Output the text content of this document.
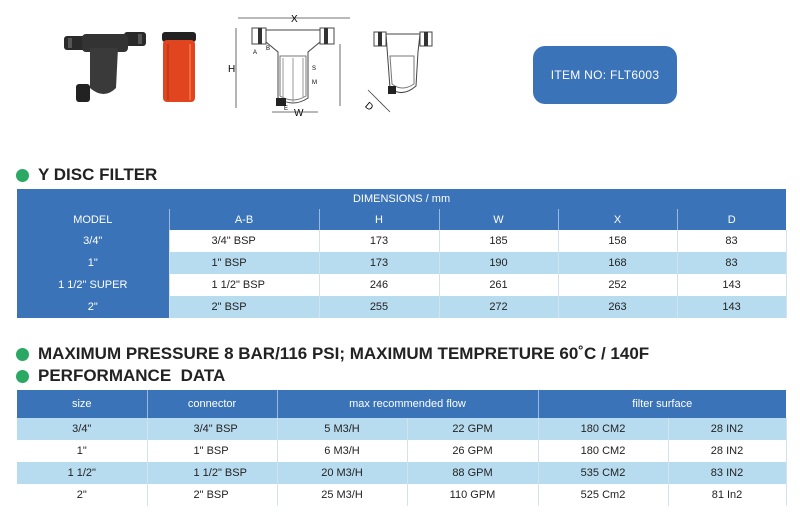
X
H
W
A
B
S
M
E	D
ITEM NO: FLT6003
Y DISC FILTER
DIMENSIONS / mm					
MODEL	A-B	H	W	X	D
3/4"	3/4" BSP	173	185	158	83
1"	1" BSP	173	190	168	83
1 1/2" SUPER	1 1/2" BSP	246	261	252	143
2"	2" BSP	255	272	263	143
MAXIMUM PRESSURE 8 BAR/116 PSI; MAXIMUM TEMPRETURE 60˚C / 140F
PERFORMANCE  DATA
size	connector	max recommended flow		filter surface	
3/4"	3/4" BSP	5 M3/H	22 GPM	180 CM2	28 IN2
1"	1" BSP	6 M3/H	26 GPM	180 CM2	28 IN2
1 1/2"	1 1/2" BSP	20 M3/H	88 GPM	535 CM2	83 IN2
2"	2" BSP	25 M3/H	110 GPM	525 Cm2	81 In2
